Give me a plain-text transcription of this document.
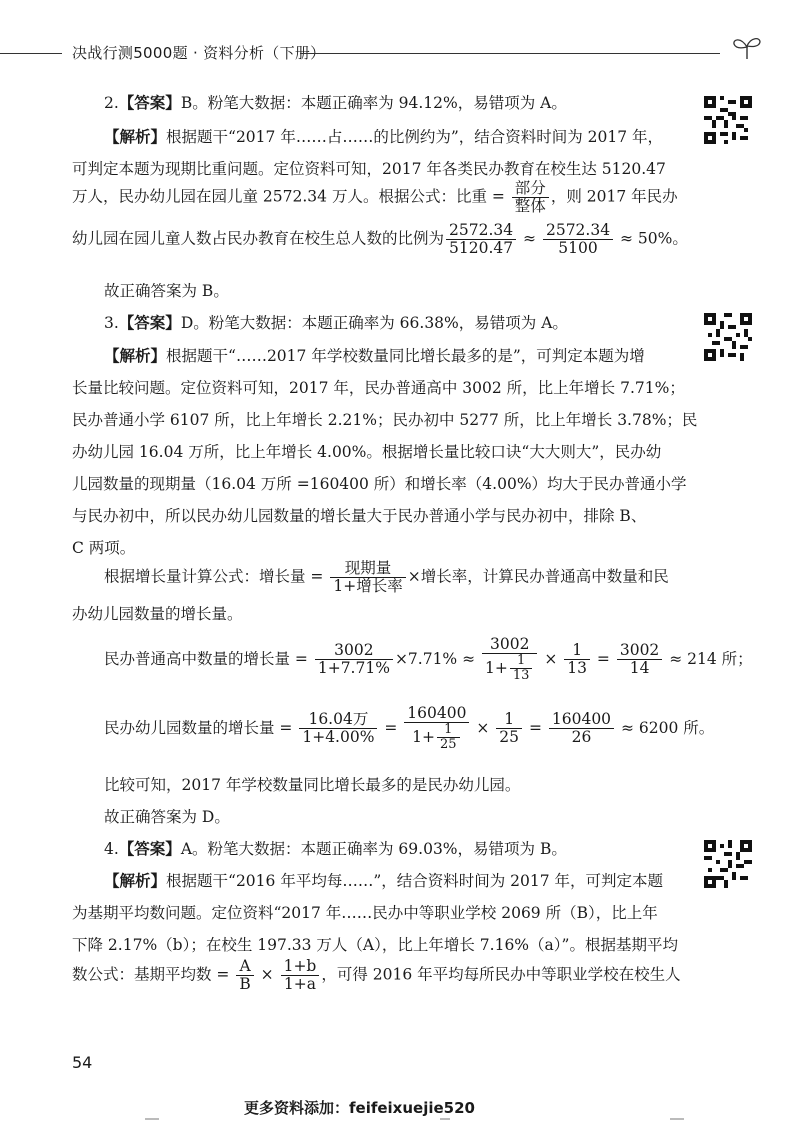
决战行测5000题 · 资料分析（下册）
2.【答案】B。粉笔大数据：本题正确率为 94.12%，易错项为 A。
【解析】根据题干“2017 年……占……的比例约为”，结合资料时间为 2017 年，
可判定本题为现期比重问题。定位资料可知，2017 年各类民办教育在校生达 5120.47
万人，民办幼儿园在园儿童 2572.34 万人。根据公式：比重 = $\frac{\text{部分}}{\text{整体}}$ ，则 2017 年民办
幼儿园在园儿童人数占民办教育在校生总人数的比例为 $\frac{2572.34}{5120.47} \approx \frac{2572.34}{5100} \approx 50\%$。
故正确答案为 B。
3.【答案】D。粉笔大数据：本题正确率为 66.38%，易错项为 A。
【解析】根据题干“……2017 年学校数量同比增长最多的是”，可判定本题为增
长量比较问题。定位资料可知，2017 年，民办普通高中 3002 所，比上年增长 7.71%；
民办普通小学 6107 所，比上年增长 2.21%；民办初中 5277 所，比上年增长 3.78%；民
办幼儿园 16.04 万所，比上年增长 4.00%。根据增长量比较口诀“大大则大”，民办幼
儿园数量的现期量（16.04 万所 =160400 所）和增长率（4.00%）均大于民办普通小学
与民办初中，所以民办幼儿园数量的增长量大于民办普通小学与民办初中，排除 B、
C 两项。
根据增长量计算公式：增长量 = $\frac{\text{现期量}}{\text{1+增长率}}$ ×增长率，计算民办普通高中数量和民
办幼儿园数量的增长量。
民办普通高中数量的增长量 = $\frac{3002}{1+7.71\%} \times 7.71\% \approx \frac{3002}{1+ \frac{1}{13}} \times \frac{1}{13} = \frac{3002}{14} \approx 214$ 所；
民办幼儿园数量的增长量 = $\frac{\text{16.04万}}{1+4.00\%} = \frac{160400}{1+ \frac{1}{25}} \times \frac{1}{25} = \frac{160400}{26} \approx 6200$ 所。
比较可知，2017 年学校数量同比增长最多的是民办幼儿园。
故正确答案为 D。
4.【答案】A。粉笔大数据：本题正确率为 69.03%，易错项为 B。
【解析】根据题干“2016 年平均每……”，结合资料时间为 2017 年，可判定本题
为基期平均数问题。定位资料“2017 年……民办中等职业学校 2069 所（B），比上年
下降 2.17%（b）；在校生 197.33 万人（A），比上年增长 7.16%（a）”。根据基期平均
数公式：基期平均数 = $\frac{A}{B} \times \frac{1+b}{1+a}$ ，可得 2016 年平均每所民办中等职业学校在校生人
54
更多资料添加：feifeixuejie520
